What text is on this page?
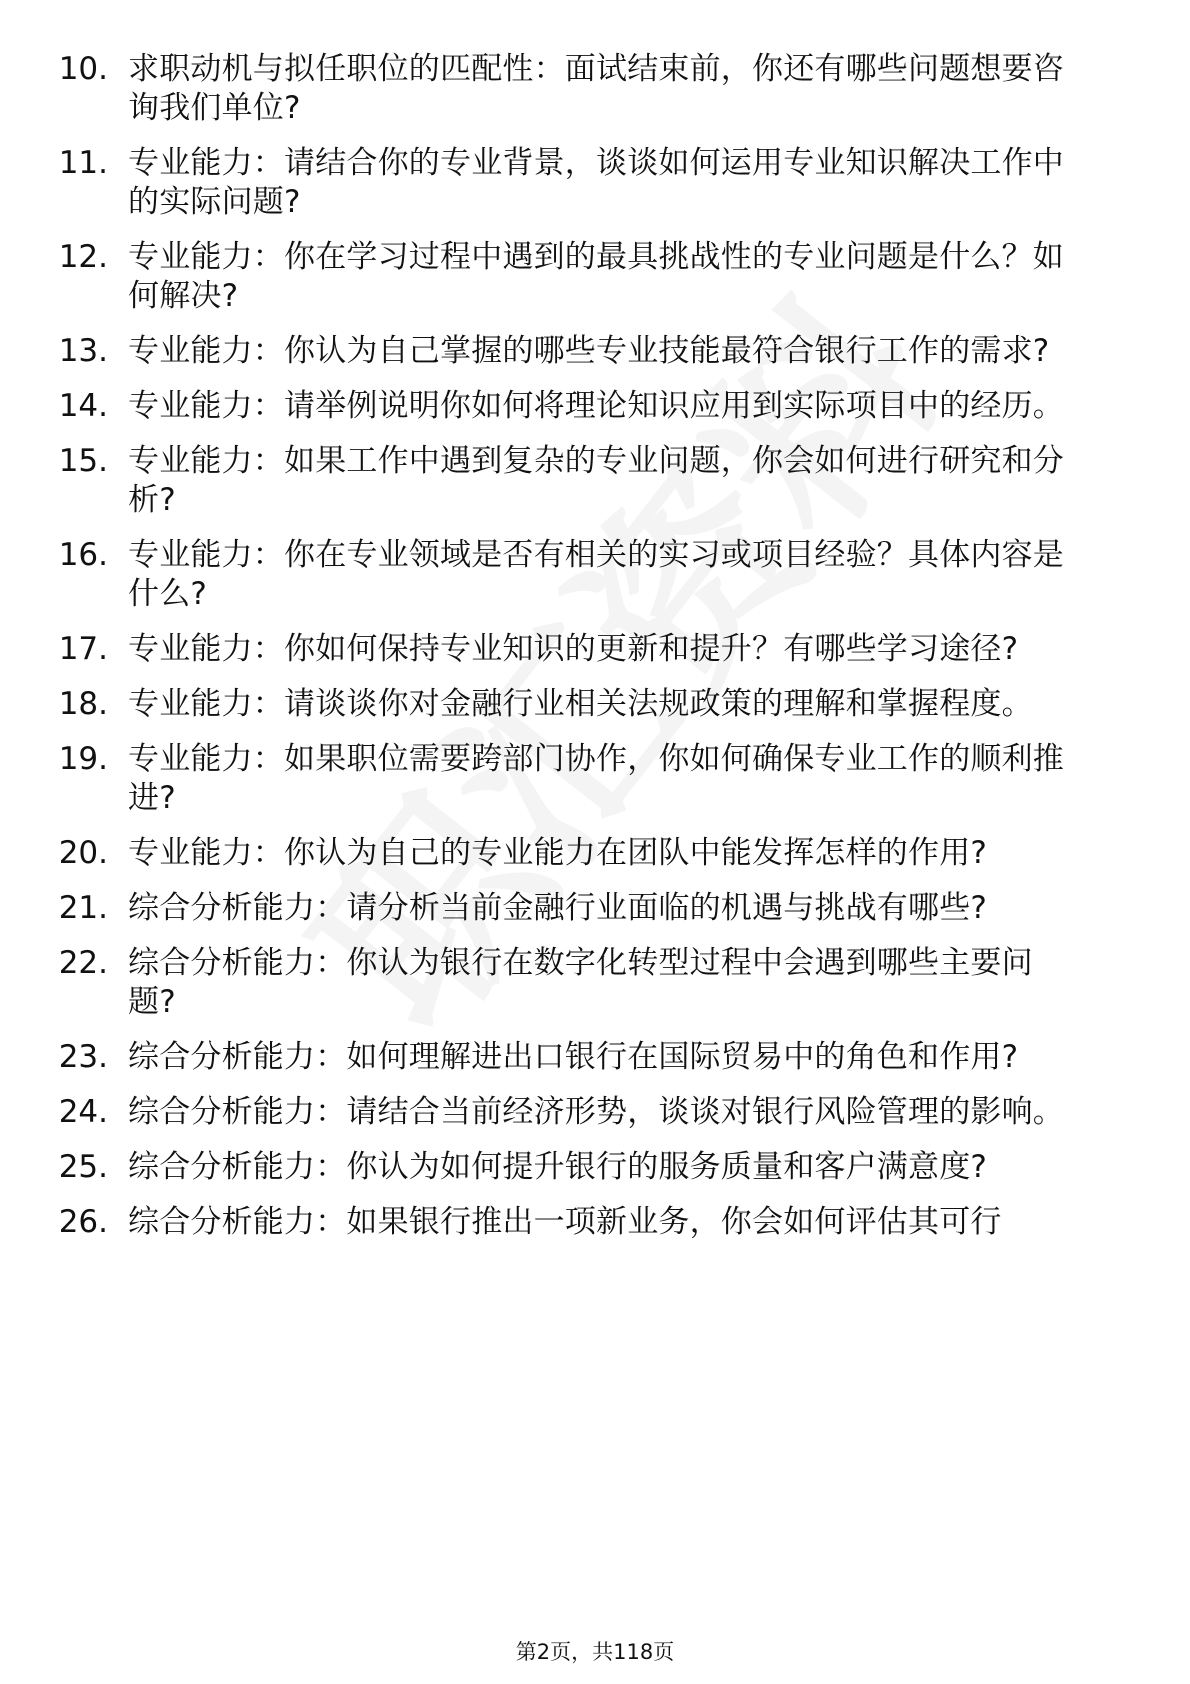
10. 求职动机与拟任职位的匹配性：面试结束前，你还有哪些问题想要咨询我们单位?
11. 专业能力：请结合你的专业背景，谈谈如何运用专业知识解决工作中的实际问题?
12. 专业能力：你在学习过程中遇到的最具挑战性的专业问题是什么？如何解决?
13. 专业能力：你认为自己掌握的哪些专业技能最符合银行工作的需求?
14. 专业能力：请举例说明你如何将理论知识应用到实际项目中的经历。
15. 专业能力：如果工作中遇到复杂的专业问题，你会如何进行研究和分析?
16. 专业能力：你在专业领域是否有相关的实习或项目经验？具体内容是什么?
17. 专业能力：你如何保持专业知识的更新和提升？有哪些学习途径?
18. 专业能力：请谈谈你对金融行业相关法规政策的理解和掌握程度。
19. 专业能力：如果职位需要跨部门协作，你如何确保专业工作的顺利推进?
20. 专业能力：你认为自己的专业能力在团队中能发挥怎样的作用?
21. 综合分析能力：请分析当前金融行业面临的机遇与挑战有哪些?
22. 综合分析能力：你认为银行在数字化转型过程中会遇到哪些主要问题?
23. 综合分析能力：如何理解进出口银行在国际贸易中的角色和作用?
24. 综合分析能力：请结合当前经济形势，谈谈对银行风险管理的影响。
25. 综合分析能力：你认为如何提升银行的服务质量和客户满意度?
26. 综合分析能力：如果银行推出一项新业务，你会如何评估其可行
第2页，共118页
